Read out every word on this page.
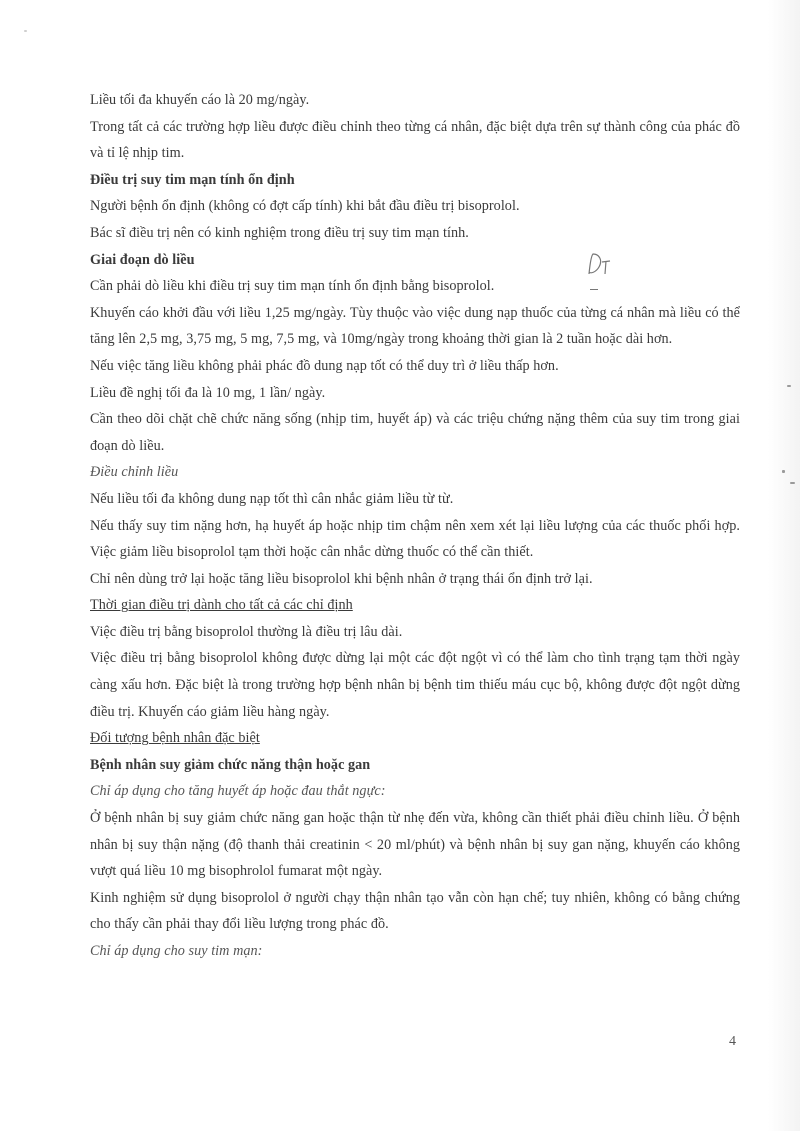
Liều tối đa khuyến cáo là 20 mg/ngày.
Trong tất cả các trường hợp liều được điều chỉnh theo từng cá nhân, đặc biệt dựa trên sự thành công của phác đồ và tỉ lệ nhịp tim.
Điều trị suy tim mạn tính ổn định
Người bệnh ổn định (không có đợt cấp tính) khi bắt đầu điều trị bisoprolol.
Bác sĩ điều trị nên có kinh nghiệm trong điều trị suy tim mạn tính.
Giai đoạn dò liều
Cần phải dò liều khi điều trị suy tim mạn tính ổn định bằng bisoprolol.
Khuyến cáo khởi đầu với liều 1,25 mg/ngày. Tùy thuộc vào việc dung nạp thuốc của từng cá nhân mà liều có thể tăng lên 2,5 mg, 3,75 mg, 5 mg, 7,5 mg, và 10mg/ngày trong khoảng thời gian là 2 tuần hoặc dài hơn.
Nếu việc tăng liều không phải phác đồ dung nạp tốt có thể duy trì ở liều thấp hơn.
Liều đề nghị tối đa là 10 mg, 1 lần/ ngày.
Cần theo dõi chặt chẽ chức năng sống (nhịp tim, huyết áp) và các triệu chứng nặng thêm của suy tim trong giai đoạn dò liều.
Điều chỉnh liều
Nếu liều tối đa không dung nạp tốt thì cân nhắc giảm liều từ từ.
Nếu thấy suy tim nặng hơn, hạ huyết áp hoặc nhịp tim chậm nên xem xét lại liều lượng của các thuốc phối hợp. Việc giảm liều bisoprolol tạm thời hoặc cân nhắc dừng thuốc có thể cần thiết.
Chỉ nên dùng trở lại hoặc tăng liều bisoprolol khi bệnh nhân ở trạng thái ổn định trở lại.
Thời gian điều trị dành cho tất cả các chỉ định
Việc điều trị bằng bisoprolol thường là điều trị lâu dài.
Việc điều trị bằng bisoprolol không được dừng lại một các đột ngột vì có thể làm cho tình trạng tạm thời ngày càng xấu hơn. Đặc biệt là trong trường hợp bệnh nhân bị bệnh tim thiếu máu cục bộ, không được đột ngột dừng điều trị. Khuyến cáo giảm liều hàng ngày.
Đối tượng bệnh nhân đặc biệt
Bệnh nhân suy giảm chức năng thận hoặc gan
Chỉ áp dụng cho tăng huyết áp hoặc đau thắt ngực:
Ở bệnh nhân bị suy giảm chức năng gan hoặc thận từ nhẹ đến vừa, không cần thiết phải điều chỉnh liều. Ở bệnh nhân bị suy thận nặng (độ thanh thải creatinin < 20 ml/phút) và bệnh nhân bị suy gan nặng, khuyến cáo không vượt quá liều 10 mg bisophrolol fumarat một ngày.
Kinh nghiệm sử dụng bisoprolol ở người chạy thận nhân tạo vẫn còn hạn chế; tuy nhiên, không có bằng chứng cho thấy cần phải thay đổi liều lượng trong phác đồ.
Chỉ áp dụng cho suy tim mạn:
4
